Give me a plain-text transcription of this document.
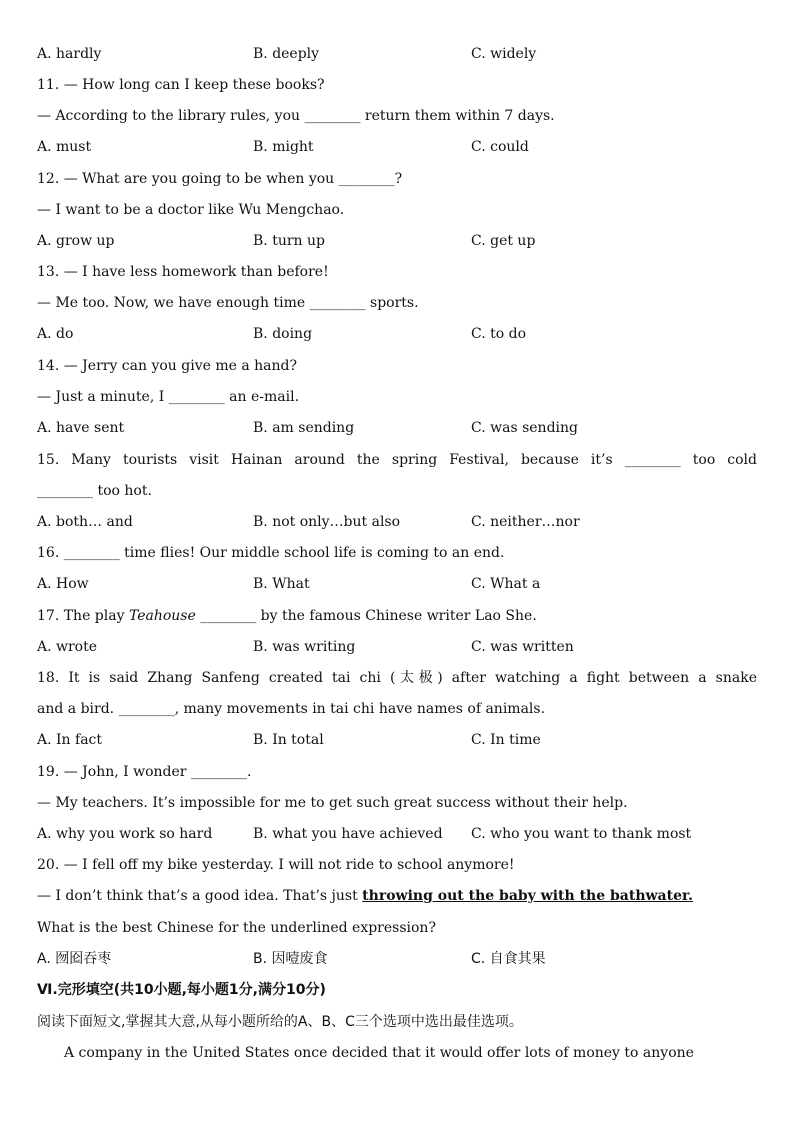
A. hardly	B. deeply	C. widely
11. — How long can I keep these books?
— According to the library rules, you ________ return them within 7 days.
A. must	B. might	C. could
12. — What are you going to be when you ________?
— I want to be a doctor like Wu Mengchao.
A. grow up	B. turn up	C. get up
13. — I have less homework than before!
— Me too. Now, we have enough time ________ sports.
A. do	B. doing	C. to do
14. — Jerry can you give me a hand?
— Just a minute, I ________ an e-mail.
A. have sent	B. am sending	C. was sending
15. Many tourists visit Hainan around the spring Festival, because it’s ________ too cold
________ too hot.
A. both… and	B. not only…but also	C. neither…nor
16. ________ time flies! Our middle school life is coming to an end.
A. How	B. What	C. What a
17. The play Teahouse ________ by the famous Chinese writer Lao She.
A. wrote	B. was writing	C. was written
18. It is said Zhang Sanfeng created tai chi (太极) after watching a fight between a snake
and a bird. ________, many movements in tai chi have names of animals.
A. In fact	B. In total	C. In time
19. — John, I wonder ________.
— My teachers. It’s impossible for me to get such great success without their help.
A. why you work so hard	B. what you have achieved C. who you want to thank most
20. — I fell off my bike yesterday. I will not ride to school anymore!
— I don’t think that’s a good idea. That’s just throwing out the baby with the bathwater.
What is the best Chinese for the underlined expression?
A. 囫囵吞枣	B. 因噎废食	C. 自食其果
Ⅵ.完形填空(共10小题,每小题1分,满分10分)
阅读下面短文,掌握其大意,从每小题所给的A、B、C三个选项中选出最佳选项。
A company in the United States once decided that it would offer lots of money to anyone
